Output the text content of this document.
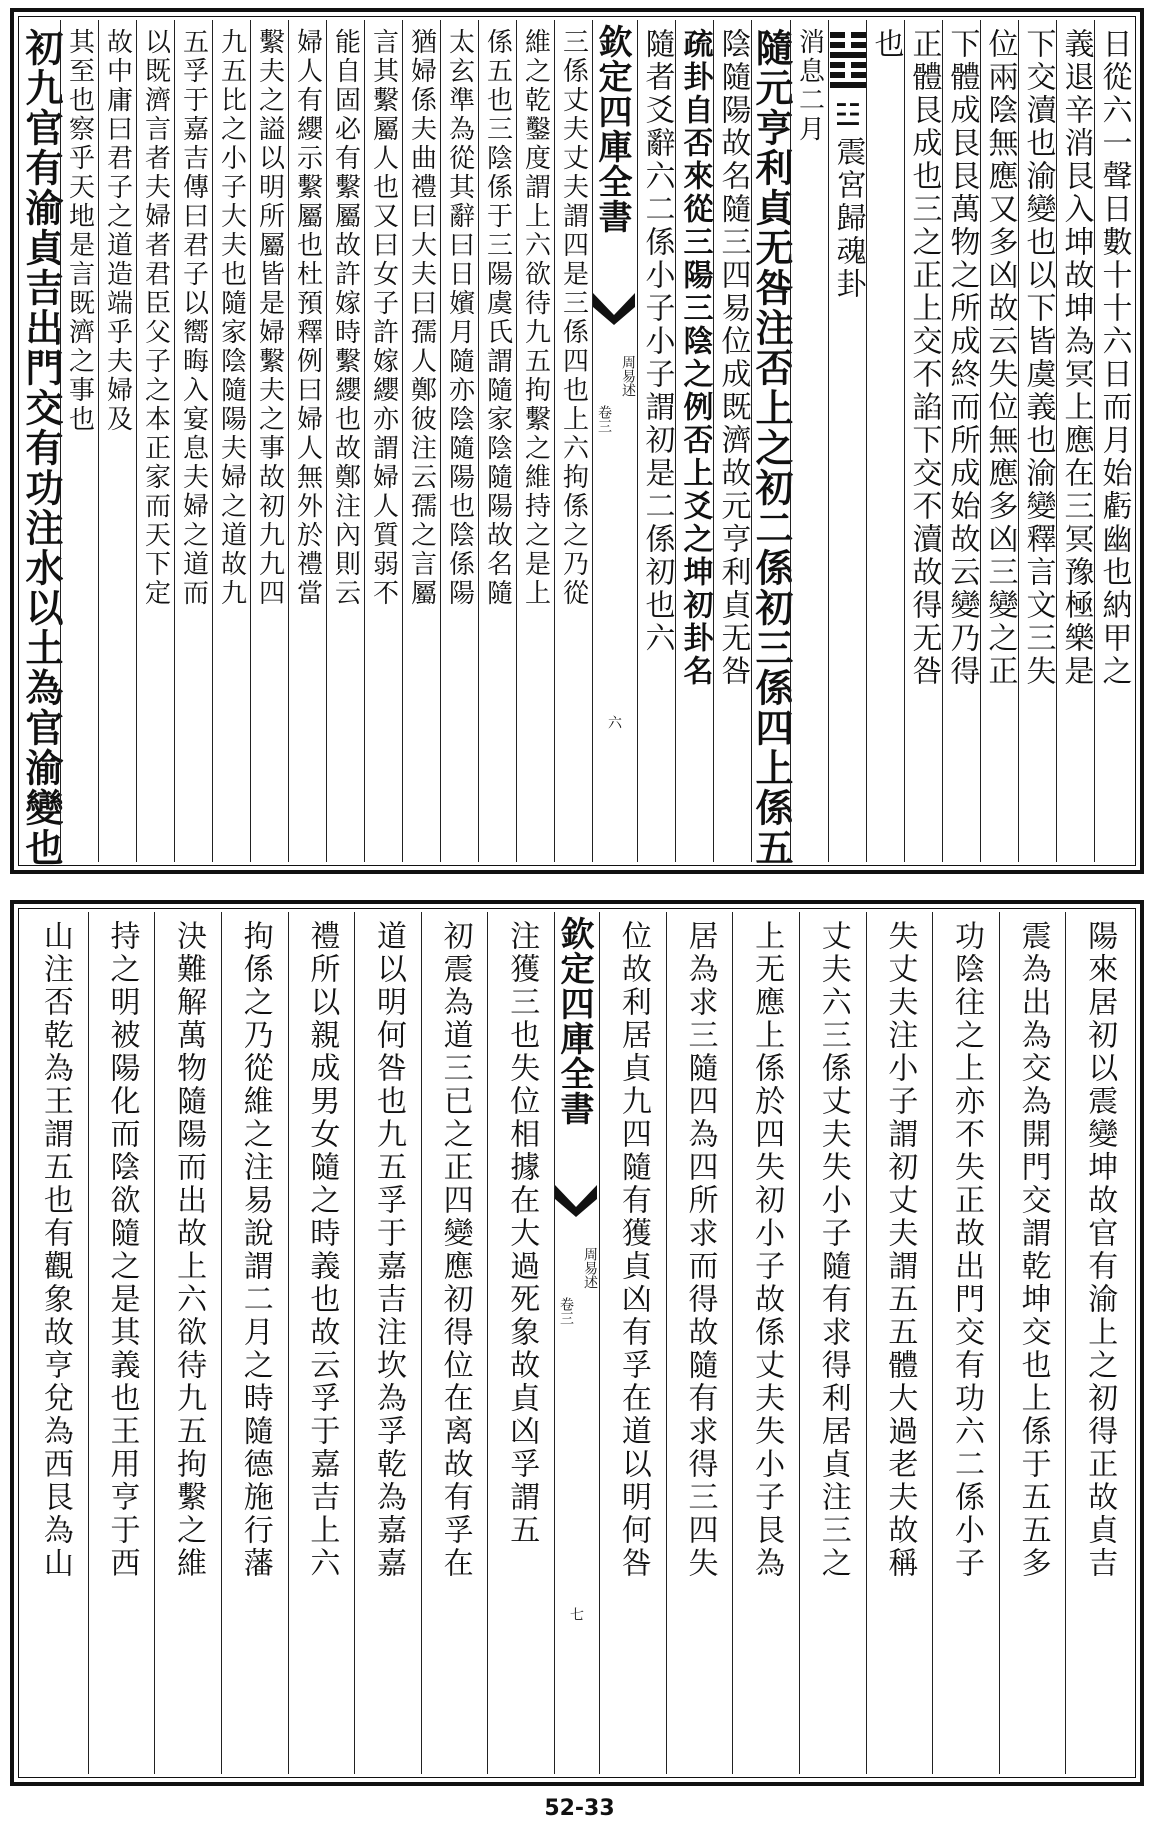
日從六一聲日數十十六日而月始虧幽也納甲之
義退辛消艮入坤故坤為冥上應在三冥豫極樂是
下交瀆也渝變也以下皆虞義也渝變釋言文三失
位兩陰無應又多凶故云失位無應多凶三變之正
下體成艮艮萬物之所成終而所成始故云變乃得
正體艮成也三之正上交不諂下交不瀆故得无咎
也
☳震宮歸魂卦
消息二月
隨元亨利貞无咎注否上之初二係初三係四上係五
陰隨陽故名隨三四易位成既濟故元亨利貞无咎
疏卦自否來從三陽三陰之例否上爻之坤初卦名
隨者爻辭六二係小子小子謂初是二係初也六
欽定四庫全書
周易述
卷三
六
三係丈夫丈夫謂四是三係四也上六拘係之乃從
維之乾鑿度謂上六欲待九五拘繫之維持之是上
係五也三陰係于三陽虞氏謂隨家陰隨陽故名隨
太玄準為從其辭曰日嬪月隨亦陰隨陽也陰係陽
猶婦係夫曲禮曰大夫曰孺人鄭彼注云孺之言屬
言其繫屬人也又曰女子許嫁纓亦謂婦人質弱不
能自固必有繫屬故許嫁時繫纓也故鄭注內則云
婦人有纓示繫屬也杜預釋例曰婦人無外於禮當
繫夫之謚以明所屬皆是婦繫夫之事故初九九四
九五比之小子大夫也隨家陰隨陽夫婦之道故九
五孚于嘉吉傳曰君子以嚮晦入宴息夫婦之道而
以既濟言者夫婦者君臣父子之本正家而天下定
故中庸曰君子之道造端乎夫婦及
其至也察乎天地是言既濟之事也
初九官有渝貞吉出門交有功注水以土為官渝變也
陽來居初以震變坤故官有渝上之初得正故貞吉
震為出為交為開門交謂乾坤交也上係于五五多
功陰往之上亦不失正故出門交有功六二係小子
失丈夫注小子謂初丈夫謂五五體大過老夫故稱
丈夫六三係丈夫失小子隨有求得利居貞注三之
上无應上係於四失初小子故係丈夫失小子艮為
居為求三隨四為四所求而得故隨有求得三四失
位故利居貞九四隨有獲貞凶有孚在道以明何咎
欽定四庫全書
周易述
卷三
七
注獲三也失位相據在大過死象故貞凶孚謂五
初震為道三已之正四變應初得位在离故有孚在
道以明何咎也九五孚于嘉吉注坎為孚乾為嘉嘉
禮所以親成男女隨之時義也故云孚于嘉吉上六
拘係之乃從維之注易說謂二月之時隨德施行藩
決難解萬物隨陽而出故上六欲待九五拘繫之維
持之明被陽化而陰欲隨之是其義也王用亨于西
山注否乾為王謂五也有觀象故亨兌為西艮為山
52-33
